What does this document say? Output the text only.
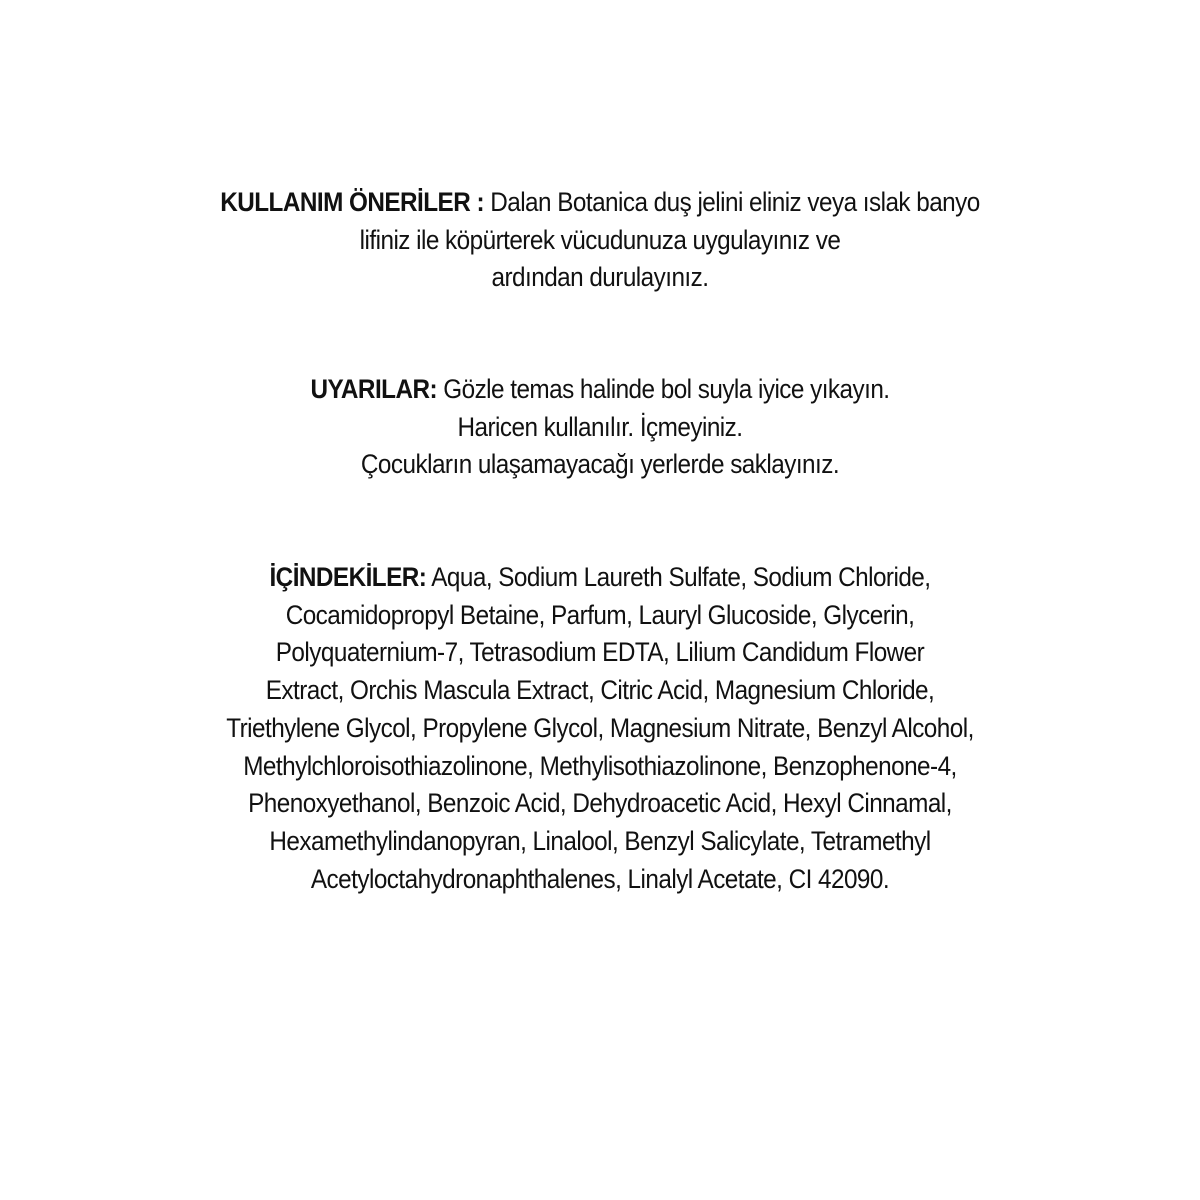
KULLANIM ÖNERİLER : Dalan Botanica duş jelini eliniz veya ıslak banyo
lifiniz ile köpürterek vücudunuza uygulayınız ve
ardından durulayınız.
UYARILAR: Gözle temas halinde bol suyla iyice yıkayın.
Haricen kullanılır. İçmeyiniz.
Çocukların ulaşamayacağı yerlerde saklayınız.
İÇİNDEKİLER: Aqua, Sodium Laureth Sulfate, Sodium Chloride,
Cocamidopropyl Betaine, Parfum, Lauryl Glucoside, Glycerin,
Polyquaternium-7, Tetrasodium EDTA, Lilium Candidum Flower
Extract, Orchis Mascula Extract, Citric Acid, Magnesium Chloride,
Triethylene Glycol, Propylene Glycol, Magnesium Nitrate, Benzyl Alcohol,
Methylchloroisothiazolinone, Methylisothiazolinone, Benzophenone-4,
Phenoxyethanol, Benzoic Acid, Dehydroacetic Acid, Hexyl Cinnamal,
Hexamethylindanopyran, Linalool, Benzyl Salicylate, Tetramethyl
Acetyloctahydronaphthalenes, Linalyl Acetate, CI 42090.
